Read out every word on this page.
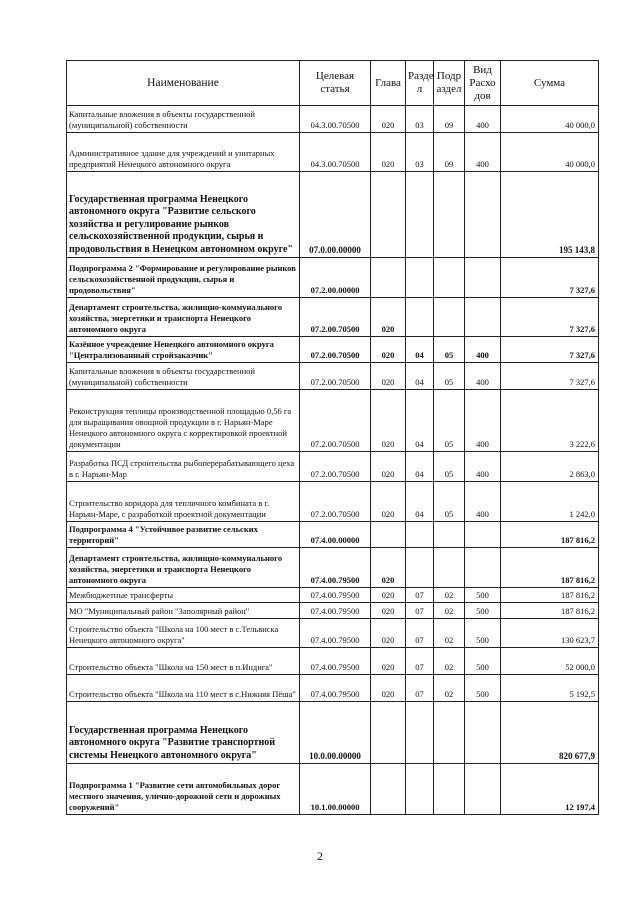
Наименование	Целевая статья	Глава	Разде л	Подр аздел	Вид Расхо дов	Сумма
Капитальные вложения в объекты государственной (муниципальной) собственности	04.3.00.70500	020	03	09	400	40 000,0
Административное здание для учреждений и унитарных предприятий Ненецкого автономного округа	04.3.00.70500	020	03	09	400	40 000,0
Государственная программа Ненецкого автономного округа "Развитие сельского хозяйства и регулирование рынков сельскохозяйственной продукции, сырья и продовольствия в Ненецком автономном округе"	07.0.00.00000					195 143,8
Подпрограмма 2 "Формирование и регулирование рынков сельскохозяйственной продукции, сырья и продовольствия"	07.2.00.00000					7 327,6
Департамент строительства, жилищно-коммунального хозяйства, энергетики и транспорта Ненецкого автономного округа	07.2.00.70500	020				7 327,6
Казённое учреждение Ненецкого автономного округа "Централизованный стройзаказчик"	07.2.00.70500	020	04	05	400	7 327,6
Капитальные вложения в объекты государственной (муниципальной) собственности	07.2.00.70500	020	04	05	400	7 327,6
Реконструкция теплицы производственной площадью 0,56 га для выращивания овощной продукции в г. Нарьян-Маре Ненецкого автономного округа с корректировкой проектной документации	07.2.00.70500	020	04	05	400	3 222,6
Разработка ПСД строительства рыбоперерабатывающего цеха в г. Нарьян-Мар	07.2.00.70500	020	04	05	400	2 863,0
Строительство коридора для тепличного комбината в г. Нарьян-Маре, с разработкой проектной документации	07.2.00.70500	020	04	05	400	1 242,0
Подпрограмма 4 "Устойчивое развитие сельских территорий"	07.4.00.00000					187 816,2
Департамент строительства, жилищно-коммунального хозяйства, энергетики и транспорта Ненецкого автономного округа	07.4.00.79500	020				187 816,2
Межбюджетные трансферты	07.4.00.79500	020	07	02	500	187 816,2
МО "Муниципальный район "Заполярный район"	07.4.00.79500	020	07	02	500	187 816,2
Строительство объекта "Школа на 100 мест в с.Тельвиска Ненецкого автономного округа"	07.4.00.79500	020	07	02	500	130 623,7
Строительство объекта "Школа на 150 мест в п.Индига"	07.4.00.79500	020	07	02	500	52 000,0
Строительство объекта "Школа на 110 мест в с.Нижняя Пёша"	07.4.00.79500	020	07	02	500	5 192,5
Государственная программа Ненецкого автономного округа "Развитие транспортной системы Ненецкого автономного округа"	10.0.00.00000					820 677,9
Подпрограмма 1 "Развитие сети автомобильных дорог местного значения, улично-дорожной сети и дорожных сооружений"	10.1.00.00000					12 197,4
2
